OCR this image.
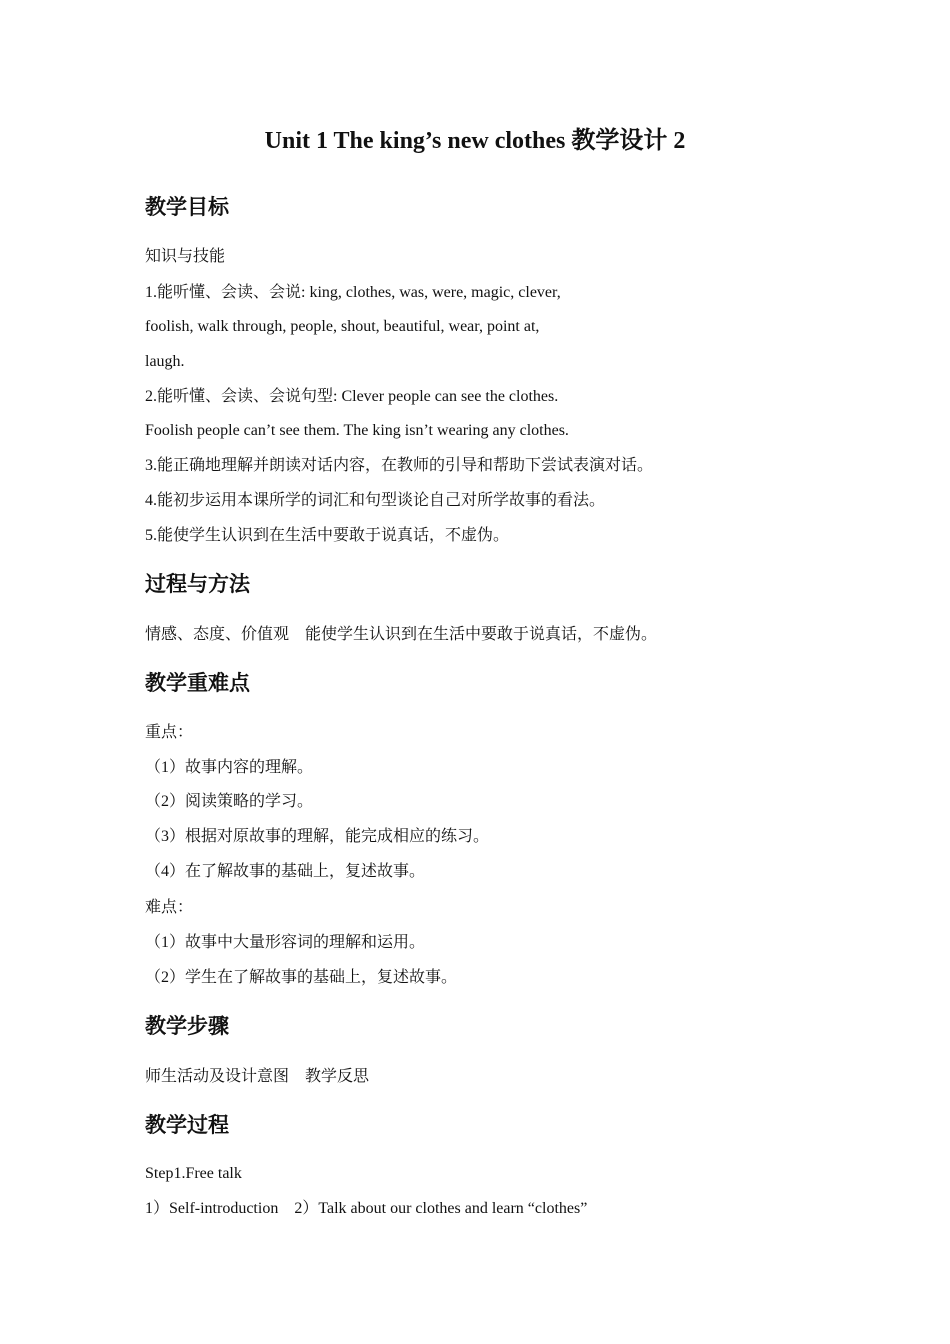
Unit 1 The king’s new clothes 教学设计 2
教学目标
知识与技能
1.能听懂、会读、会说: king, clothes, was, were, magic, clever,
foolish, walk through, people, shout, beautiful, wear, point at,
laugh.
2.能听懂、会读、会说句型: Clever people can see the clothes.
Foolish people can’t see them. The king isn’t wearing any clothes.
3.能正确地理解并朗读对话内容，在教师的引导和帮助下尝试表演对话。
4.能初步运用本课所学的词汇和句型谈论自己对所学故事的看法。
5.能使学生认识到在生活中要敢于说真话，不虚伪。
过程与方法
情感、态度、价值观　能使学生认识到在生活中要敢于说真话，不虚伪。
教学重难点
重点：
（1）故事内容的理解。
（2）阅读策略的学习。
（3）根据对原故事的理解，能完成相应的练习。
（4）在了解故事的基础上，复述故事。
难点：
（1）故事中大量形容词的理解和运用。
（2）学生在了解故事的基础上，复述故事。
教学步骤
师生活动及设计意图　教学反思
教学过程
Step1.Free talk
1）Self-introduction　2）Talk about our clothes and learn “clothes”
